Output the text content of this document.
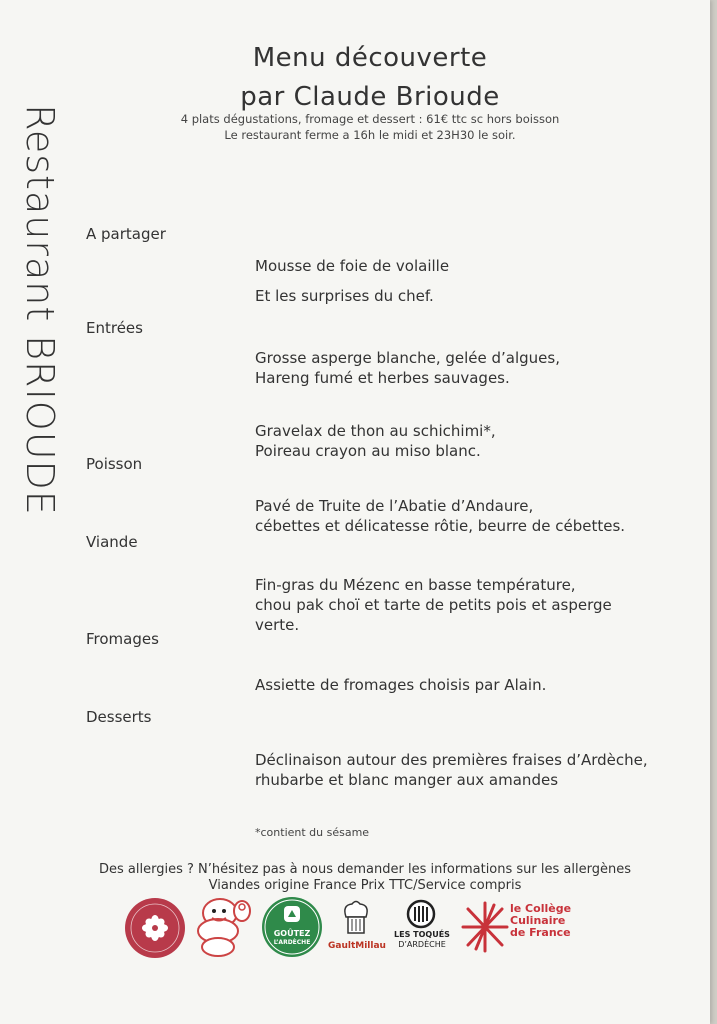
Restaurant BRIOUDE
Menu découverte
par Claude Brioude
4 plats dégustations, fromage et dessert : 61€ ttc sc hors boisson
Le restaurant ferme a 16h le midi et 23H30 le soir.
A partager
Entrées
Poisson
Viande
Fromages
Desserts
Mousse de foie de volaille
Et les surprises du chef.
Grosse asperge blanche, gelée d’algues,
Hareng fumé et herbes sauvages.
Gravelax de thon au schichimi*,
Poireau crayon au miso blanc.
Pavé de Truite de l’Abatie d’Andaure,
cébettes et délicatesse rôtie, beurre de cébettes.
Fin-gras du Mézenc en basse température,
chou pak choï et tarte de petits pois et asperge
verte.
Assiette de fromages choisis par Alain.
Déclinaison autour des premières fraises d’Ardèche,
rhubarbe et blanc manger aux amandes
*contient du sésame
Des allergies ? N’hésitez pas à nous demander les informations sur les allergènes
Viandes origine France Prix TTC/Service compris
GOÛTEZ
L’ARDÈCHE	GaultMillau
LES TOQUÉS
D’ARDÈCHE
le Collège
Culinaire
de France
